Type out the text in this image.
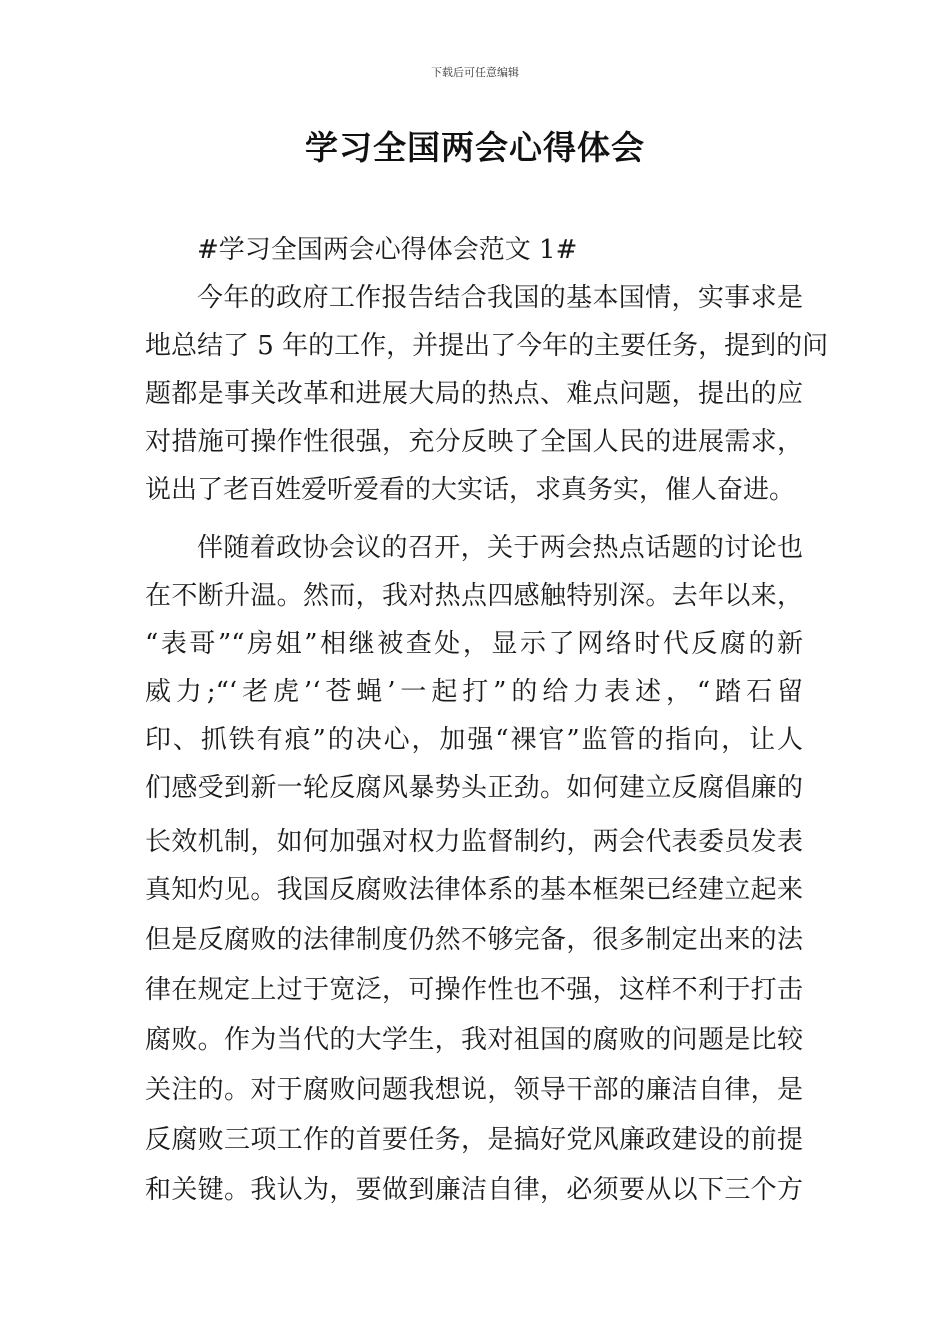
下载后可任意编辑
学习全国两会心得体会
#学习全国两会心得体会范文 1#
今年的政府工作报告结合我国的基本国情，实事求是
地总结了 5 年的工作，并提出了今年的主要任务，提到的问
题都是事关改革和进展大局的热点、难点问题，提出的应
对措施可操作性很强，充分反映了全国人民的进展需求，
说出了老百姓爱听爱看的大实话，求真务实，催人奋进。
伴随着政协会议的召开，关于两会热点话题的讨论也
在不断升温。然而，我对热点四感触特别深。去年以来，
“表哥”“房姐”相继被查处，显示了网络时代反腐的新
威力;“‘老虎’‘苍蝇’一起打”的给力表述，“踏石留
印、抓铁有痕”的决心，加强“裸官”监管的指向，让人
们感受到新一轮反腐风暴势头正劲。如何建立反腐倡廉的
长效机制，如何加强对权力监督制约，两会代表委员发表
真知灼见。我国反腐败法律体系的基本框架已经建立起来
但是反腐败的法律制度仍然不够完备，很多制定出来的法
律在规定上过于宽泛，可操作性也不强，这样不利于打击
腐败。作为当代的大学生，我对祖国的腐败的问题是比较
关注的。对于腐败问题我想说，领导干部的廉洁自律，是
反腐败三项工作的首要任务，是搞好党风廉政建设的前提
和关键。我认为，要做到廉洁自律，必须要从以下三个方
